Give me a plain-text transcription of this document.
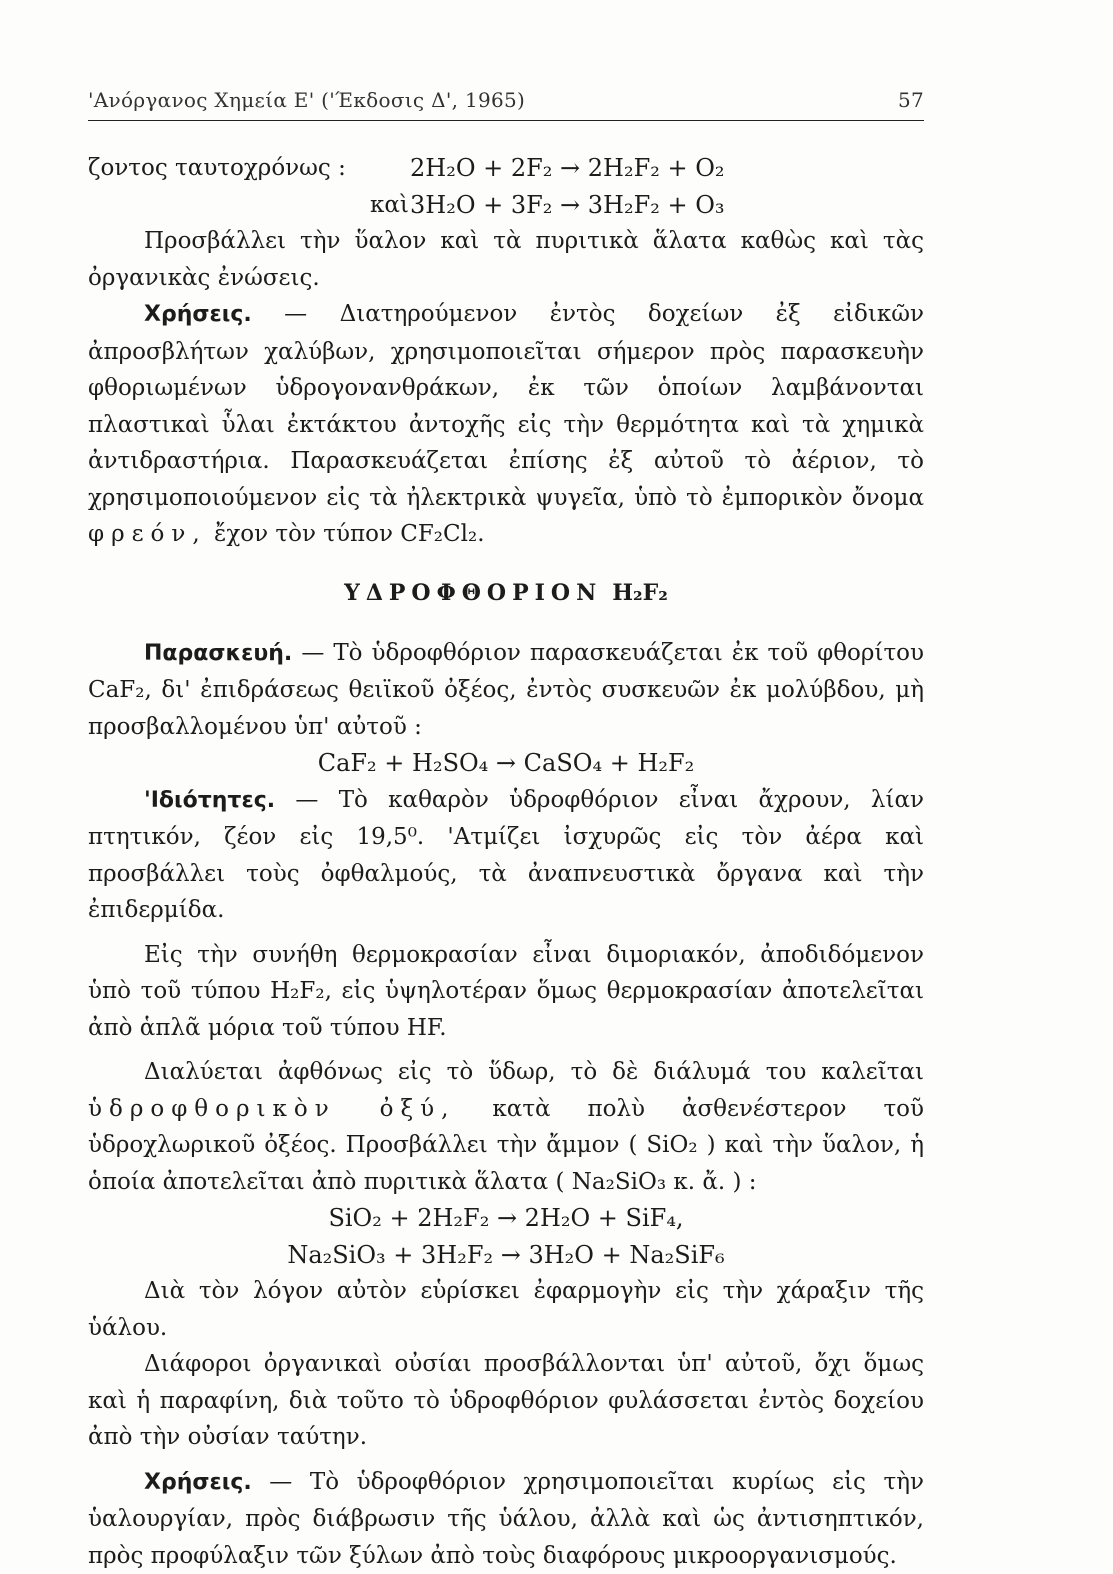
'Ανόργανος Χημεία Ε' ('Έκδοσις Δ', 1965)	57
ζοντος ταυτοχρόνως :	2H₂O + 2F₂ → 2H₂F₂ + O₂
καὶ 3H₂O + 3F₂ → 3H₂F₂ + O₃

Προσβάλλει τὴν ὕαλον καὶ τὰ πυριτικὰ ἅλατα καθὼς καὶ τὰς ὀργανικὰς ἐνώσεις.

Χρήσεις. — Διατηρούμενον ἐντὸς δοχείων ἐξ εἰδικῶν ἀπροσβλήτων χαλύβων, χρησιμοποιεῖται σήμερον πρὸς παρασκευὴν φθοριωμένων ὑδρογονανθράκων, ἐκ τῶν ὁποίων λαμβάνονται πλαστικαὶ ὗλαι ἐκτάκτου ἀντοχῆς εἰς τὴν θερμότητα καὶ τὰ χημικὰ ἀντιδραστήρια. Παρασκευάζεται ἐπίσης ἐξ αὐτοῦ τὸ ἀέριον, τὸ χρησιμοποιούμενον εἰς τὰ ἠλεκτρικὰ ψυγεῖα, ὑπὸ τὸ ἐμπορικὸν ὄνομα φρεόν, ἔχον τὸν τύπον CF₂Cl₂.

ΥΔΡΟΦΘΟΡΙΟΝ H₂F₂

Παρασκευή. — Τὸ ὑδροφθόριον παρασκευάζεται ἐκ τοῦ φθορίτου CaF₂, δι' ἐπιδράσεως θειϊκοῦ ὀξέος, ἐντὸς συσκευῶν ἐκ μολύβδου, μὴ προσβαλλομένου ὑπ' αὐτοῦ :

CaF₂ + H₂SO₄ → CaSO₄ + H₂F₂

'Ιδιότητες. — Τὸ καθαρὸν ὑδροφθόριον εἶναι ἄχρουν, λίαν πτητικόν, ζέον εἰς 19,5⁰. 'Ατμίζει ἰσχυρῶς εἰς τὸν ἀέρα καὶ προσβάλλει τοὺς ὀφθαλμούς, τὰ ἀναπνευστικὰ ὄργανα καὶ τὴν ἐπιδερμίδα.

Εἰς τὴν συνήθη θερμοκρασίαν εἶναι διμοριακόν, ἀποδιδόμενον ὑπὸ τοῦ τύπου H₂F₂, εἰς ὑψηλοτέραν ὅμως θερμοκρασίαν ἀποτελεῖται ἀπὸ ἁπλᾶ μόρια τοῦ τύπου HF.

Διαλύεται ἀφθόνως εἰς τὸ ὕδωρ, τὸ δὲ διάλυμά του καλεῖται ὑδροφθορικὸν ὀξύ, κατὰ πολὺ ἀσθενέστερον τοῦ ὑδροχλωρικοῦ ὀξέος. Προσβάλλει τὴν ἄμμον ( SiO₂ ) καὶ τὴν ὕαλον, ἡ ὁποία ἀποτελεῖται ἀπὸ πυριτικὰ ἅλατα ( Na₂SiO₃ κ. ἄ. ) :

SiO₂ + 2H₂F₂ → 2H₂O + SiF₄,
Na₂SiO₃ + 3H₂F₂ → 3H₂O + Na₂SiF₆

Διὰ τὸν λόγον αὐτὸν εὑρίσκει ἐφαρμογὴν εἰς τὴν χάραξιν τῆς ὑάλου.

Διάφοροι ὀργανικαὶ οὐσίαι προσβάλλονται ὑπ' αὐτοῦ, ὄχι ὅμως καὶ ἡ παραφίνη, διὰ τοῦτο τὸ ὑδροφθόριον φυλάσσεται ἐντὸς δοχείου ἀπὸ τὴν οὐσίαν ταύτην.

Χρήσεις. — Τὸ ὑδροφθόριον χρησιμοποιεῖται κυρίως εἰς τὴν ὑαλουργίαν, πρὸς διάβρωσιν τῆς ὑάλου, ἀλλὰ καὶ ὡς ἀντισηπτικόν, πρὸς προφύλαξιν τῶν ξύλων ἀπὸ τοὺς διαφόρους μικροοργανισμούς.
